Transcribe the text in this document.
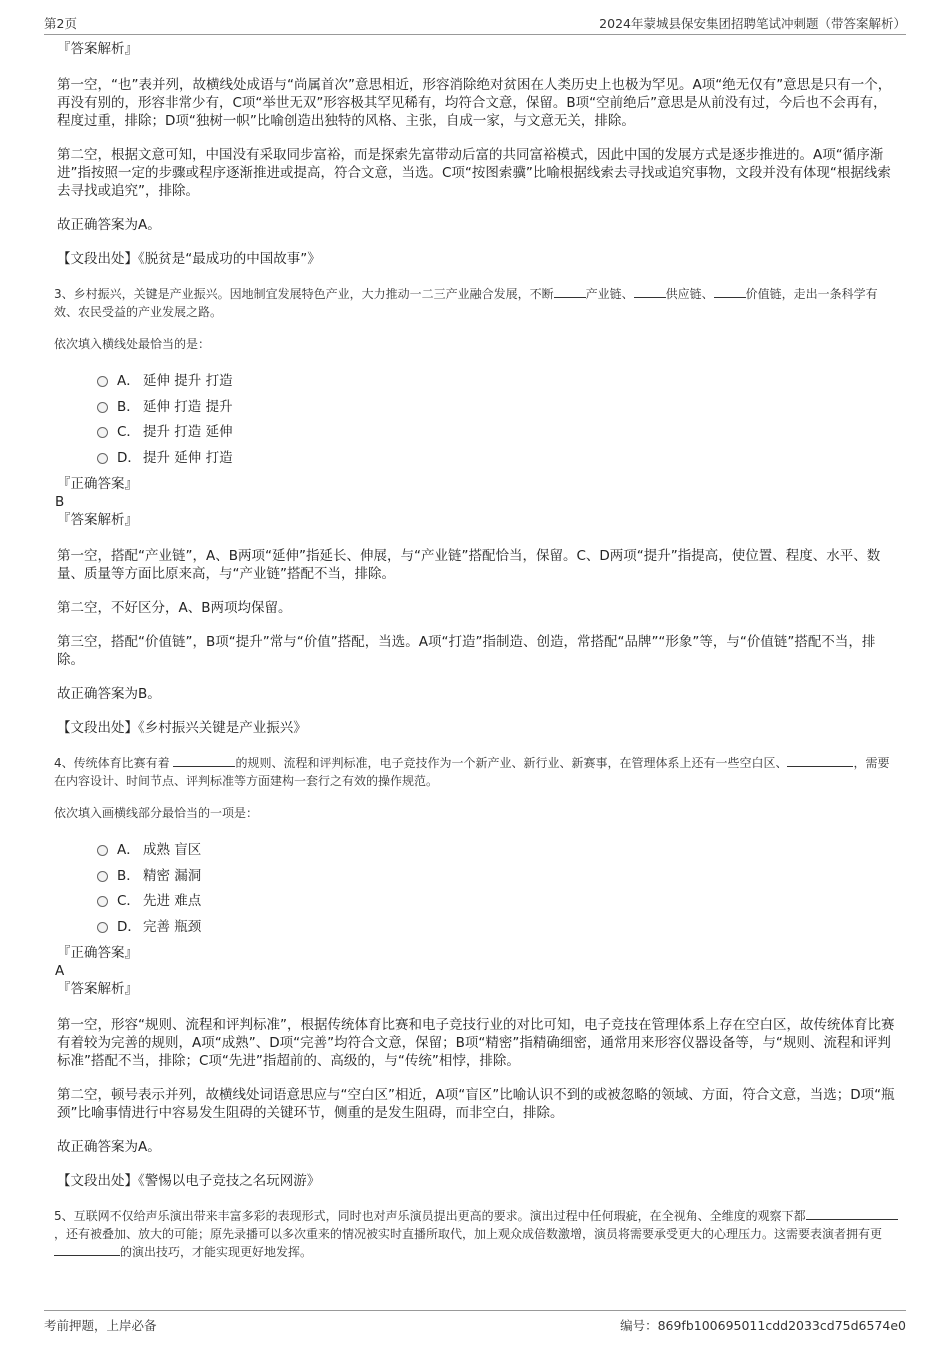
第2页	2024年蒙城县保安集团招聘笔试冲刺题（带答案解析）

『答案解析』

第一空，“也”表并列，故横线处成语与“尚属首次”意思相近，形容消除绝对贫困在人类历史上也极为罕见。A项“绝无仅有”意思是只有一个，再没有别的，形容非常少有，C项“举世无双”形容极其罕见稀有，均符合文意，保留。B项“空前绝后”意思是从前没有过，今后也不会再有，程度过重，排除；D项“独树一帜”比喻创造出独特的风格、主张，自成一家，与文意无关，排除。

第二空，根据文意可知，中国没有采取同步富裕，而是探索先富带动后富的共同富裕模式，因此中国的发展方式是逐步推进的。A项“循序渐进”指按照一定的步骤或程序逐渐推进或提高，符合文意，当选。C项“按图索骥”比喻根据线索去寻找或追究事物，文段并没有体现“根据线索去寻找或追究”，排除。

故正确答案为A。

【文段出处】《脱贫是“最成功的中国故事”》

3、乡村振兴，关键是产业振兴。因地制宜发展特色产业，大力推动一二三产业融合发展，不断	产业链、	供应链、	价值链，走出一条科学有效、农民受益的产业发展之路。

依次填入横线处最恰当的是：

A． 延伸 提升 打造
B． 延伸 打造 提升
C． 提升 打造 延伸
D． 提升 延伸 打造

『正确答案』

B

『答案解析』

第一空，搭配“产业链”，A、B两项“延伸”指延长、伸展，与“产业链”搭配恰当，保留。C、D两项“提升”指提高，使位置、程度、水平、数量、质量等方面比原来高，与“产业链”搭配不当，排除。

第二空，不好区分，A、B两项均保留。

第三空，搭配“价值链”，B项“提升”常与“价值”搭配，当选。A项“打造”指制造、创造，常搭配“品牌”“形象”等，与“价值链”搭配不当，排除。

故正确答案为B。

【文段出处】《乡村振兴关键是产业振兴》

4、传统体育比赛有着	的规则、流程和评判标准，电子竞技作为一个新产业、新行业、新赛事，在管理体系上还有一些空白区、	，需要在内容设计、时间节点、评判标准等方面建构一套行之有效的操作规范。

依次填入画横线部分最恰当的一项是：

A． 成熟 盲区
B． 精密 漏洞
C． 先进 难点
D． 完善 瓶颈

『正确答案』

A

『答案解析』

第一空，形容“规则、流程和评判标准”，根据传统体育比赛和电子竞技行业的对比可知，电子竞技在管理体系上存在空白区，故传统体育比赛有着较为完善的规则，A项“成熟”、D项“完善”均符合文意，保留；B项“精密”指精确细密，通常用来形容仪器设备等，与“规则、流程和评判标准”搭配不当，排除；C项“先进”指超前的、高级的，与“传统”相悖，排除。

第二空，顿号表示并列，故横线处词语意思应与“空白区”相近，A项“盲区”比喻认识不到的或被忽略的领域、方面，符合文意，当选；D项“瓶颈”比喻事情进行中容易发生阻碍的关键环节，侧重的是发生阻碍，而非空白，排除。

故正确答案为A。

【文段出处】《警惕以电子竞技之名玩网游》

5、互联网不仅给声乐演出带来丰富多彩的表现形式，同时也对声乐演员提出更高的要求。演出过程中任何瑕疵，在全视角、全维度的观察下都，还有被叠加、放大的可能；原先录播可以多次重来的情况被实时直播所取代，加上观众成倍数激增，演员将需要承受更大的心理压力。这需要表演者拥有更 的演出技巧，才能实现更好地发挥。

考前押题，上岸必备	编号：869fb100695011cdd2033cd75d6574e0
